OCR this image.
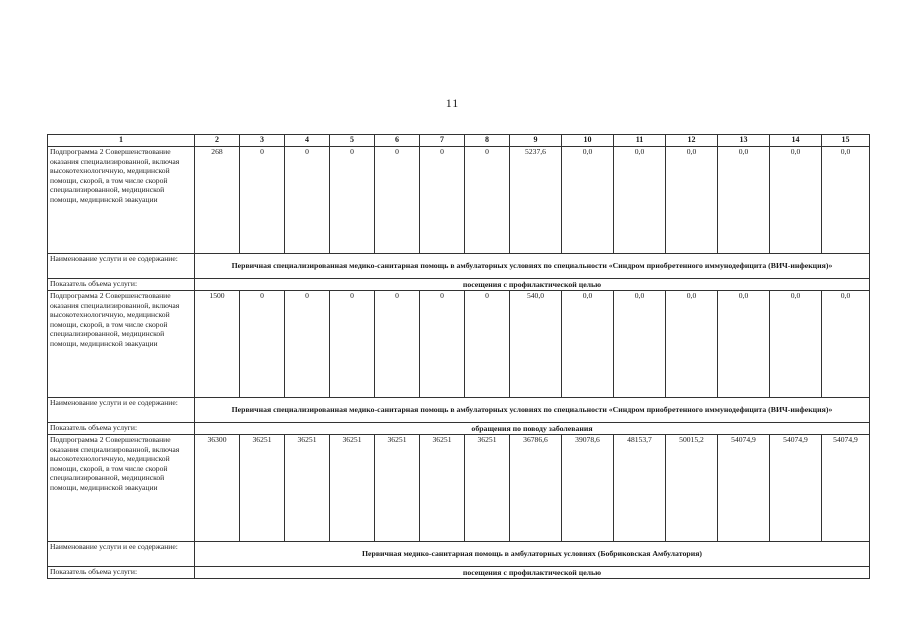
11
1	2	3	4	5	6	7	8	9	10	11	12	13	14	15
Подпрограмма 2 Совершенствование оказания специализированной, включая высокотехнологичную, медицинской помощи, скорой, в том числе скорой специализированной, медицинской помощи, медицинской эвакуации	268	0	0	0	0	0	0	5237,6	0,0	0,0	0,0	0,0	0,0	0,0
Наименование услуги и ее содержание:	Первичная специализированная медико-санитарная помощь в амбулаторных условиях по специальности «Синдром приобретенного иммунодефицита (ВИЧ-инфекция)»													
Показатель объема услуги:	посещения с профилактической целью													
Подпрограмма 2 Совершенствование оказания специализированной, включая высокотехнологичную, медицинской помощи, скорой, в том числе скорой специализированной, медицинской помощи, медицинской эвакуации	1500	0	0	0	0	0	0	540,0	0,0	0,0	0,0	0,0	0,0	0,0
Наименование услуги и ее содержание:	Первичная специализированная медико-санитарная помощь в амбулаторных условиях по специальности «Синдром приобретенного иммунодефицита (ВИЧ-инфекция)»													
Показатель объема услуги:	обращения по поводу заболевания													
Подпрограмма 2 Совершенствование оказания специализированной, включая высокотехнологичную, медицинской помощи, скорой, в том числе скорой специализированной, медицинской помощи, медицинской эвакуации	36300	36251	36251	36251	36251	36251	36251	36786,6	39078,6	48153,7	50015,2	54074,9	54074,9	54074,9
Наименование услуги и ее содержание:	Первичная медико-санитарная помощь в амбулаторных условиях (Бобриковская Амбулатория)													
Показатель объема услуги:	посещения с профилактической целью													
